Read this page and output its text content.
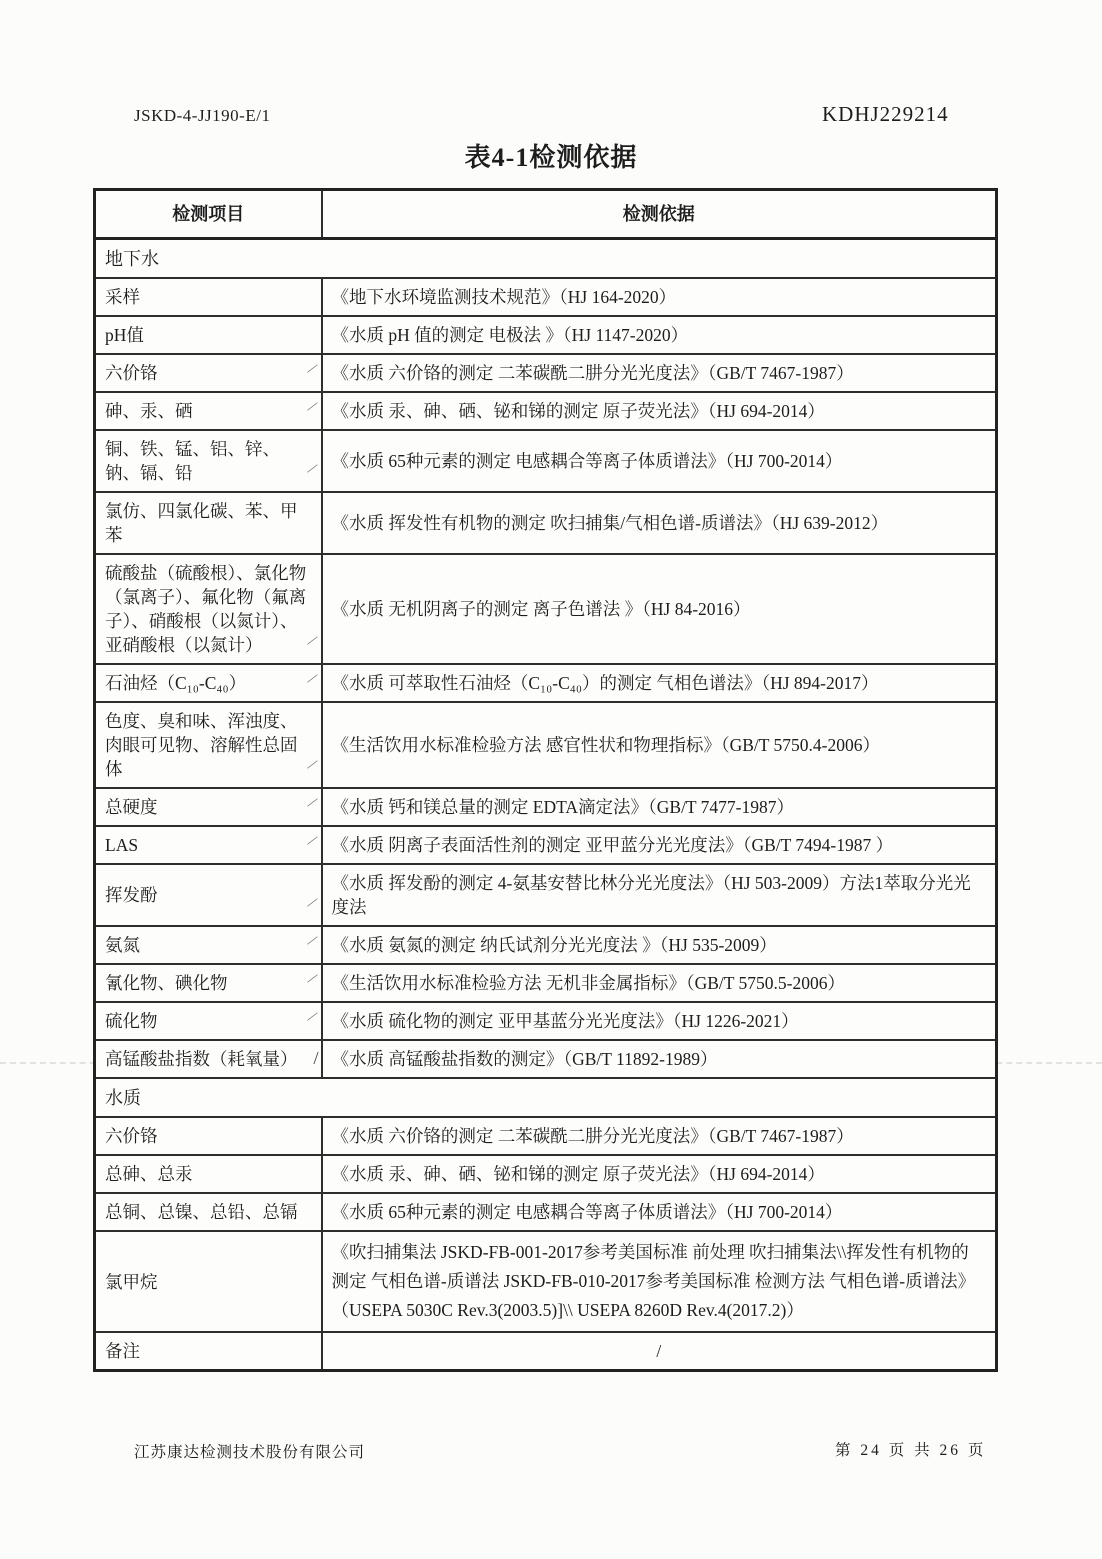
JSKD-4-JJ190-E/1	KDHJ229214
表4-1检测依据
检测项目	检测依据
地下水	
采样	《地下水环境监测技术规范》（HJ 164-2020）
pH值	《水质 pH 值的测定 电极法 》（HJ 1147-2020）
六价铬 ∕	《水质 六价铬的测定 二苯碳酰二肼分光光度法》（GB/T 7467-1987）
砷、汞、硒 ∕	《水质 汞、砷、硒、铋和锑的测定 原子荧光法》（HJ 694-2014）
铜、铁、锰、铝、锌、钠、镉、铅 ∕	《水质 65种元素的测定 电感耦合等离子体质谱法》（HJ 700-2014）
氯仿、四氯化碳、苯、甲苯	《水质 挥发性有机物的测定 吹扫捕集/气相色谱-质谱法》（HJ 639-2012）
硫酸盐（硫酸根）、氯化物（氯离子）、氟化物（氟离子）、硝酸根（以氮计）、亚硝酸根（以氮计） ∕	《水质 无机阴离子的测定 离子色谱法 》（HJ 84-2016）
石油烃（C₁₀-C₄₀） ∕	《水质 可萃取性石油烃（C₁₀-C₄₀）的测定 气相色谱法》（HJ 894-2017）
色度、臭和味、浑浊度、肉眼可见物、溶解性总固体 ∕	《生活饮用水标准检验方法 感官性状和物理指标》（GB/T 5750.4-2006）
总硬度 ∕	《水质 钙和镁总量的测定 EDTA滴定法》（GB/T 7477-1987）
LAS ∕	《水质 阴离子表面活性剂的测定 亚甲蓝分光光度法》（GB/T 7494-1987 ）
挥发酚 ∕	《水质 挥发酚的测定 4-氨基安替比林分光光度法》（HJ 503-2009）方法1萃取分光光度法
氨氮 ∕	《水质 氨氮的测定 纳氏试剂分光光度法 》（HJ 535-2009）
氰化物、碘化物 ∕	《生活饮用水标准检验方法 无机非金属指标》（GB/T 5750.5-2006）
硫化物 ∕	《水质 硫化物的测定 亚甲基蓝分光光度法》（HJ 1226-2021）
高锰酸盐指数（耗氧量） /	《水质 高锰酸盐指数的测定》（GB/T 11892-1989）
水质	
六价铬	《水质 六价铬的测定 二苯碳酰二肼分光光度法》（GB/T 7467-1987）
总砷、总汞	《水质 汞、砷、硒、铋和锑的测定 原子荧光法》（HJ 694-2014）
总铜、总镍、总铅、总镉	《水质 65种元素的测定 电感耦合等离子体质谱法》（HJ 700-2014）
氯甲烷	《吹扫捕集法 JSKD-FB-001-2017参考美国标准 前处理 吹扫捕集法\\挥发性有机物的测定 气相色谱-质谱法 JSKD-FB-010-2017参考美国标准 检测方法 气相色谱-质谱法》（USEPA 5030C Rev.3(2003.5)]\\ USEPA 8260D Rev.4(2017.2)）
备注	/
江苏康达检测技术股份有限公司	第 24 页 共 26 页
